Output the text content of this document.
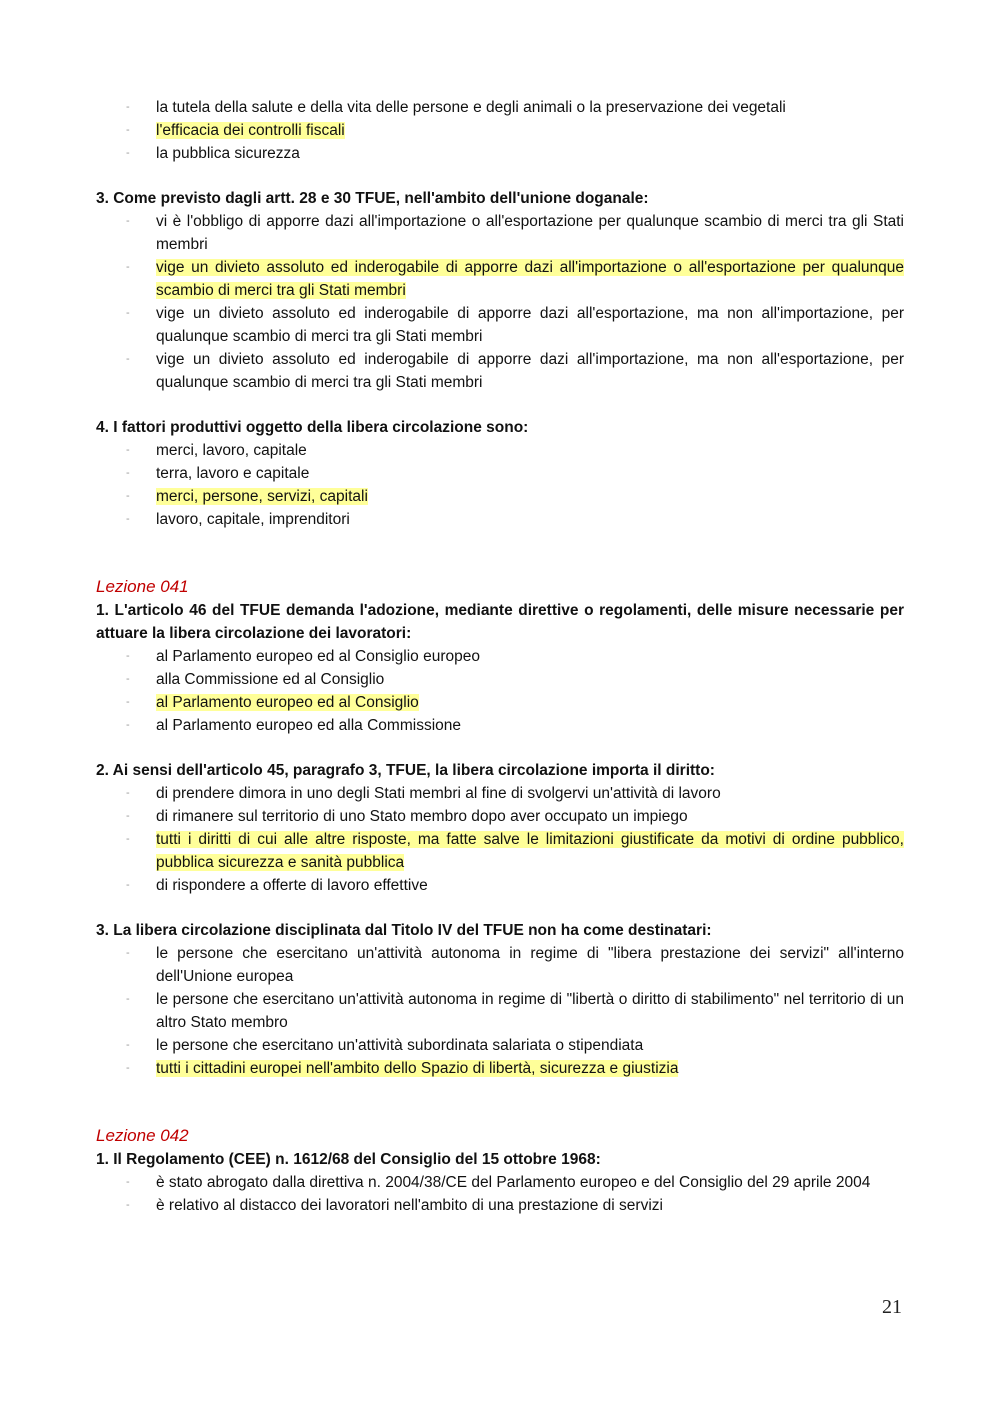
‐ la tutela della salute e della vita delle persone e degli animali o la preservazione dei vegetali
‐ l'efficacia dei controlli fiscali
‐ la pubblica sicurezza

3. Come previsto dagli artt. 28 e 30 TFUE, nell'ambito dell'unione doganale:

‐ vi è l'obbligo di apporre dazi all'importazione o all'esportazione per qualunque scambio di merci tra gli Stati membri
‐ vige un divieto assoluto ed inderogabile di apporre dazi all'importazione o all'esportazione per qualunque scambio di merci tra gli Stati membri
‐ vige un divieto assoluto ed inderogabile di apporre dazi all'esportazione, ma non all'importazione, per qualunque scambio di merci tra gli Stati membri
‐ vige un divieto assoluto ed inderogabile di apporre dazi all'importazione, ma non all'esportazione, per qualunque scambio di merci tra gli Stati membri

4. I fattori produttivi oggetto della libera circolazione sono:

‐ merci, lavoro, capitale
‐ terra, lavoro e capitale
‐ merci, persone, servizi, capitali
‐ lavoro, capitale, imprenditori

Lezione 041

1. L'articolo 46 del TFUE demanda l'adozione, mediante direttive o regolamenti, delle misure necessarie per attuare la libera circolazione dei lavoratori:

‐ al Parlamento europeo ed al Consiglio europeo
‐ alla Commissione ed al Consiglio
‐ al Parlamento europeo ed al Consiglio
‐ al Parlamento europeo ed alla Commissione

2. Ai sensi dell'articolo 45, paragrafo 3, TFUE, la libera circolazione importa il diritto:

‐ di prendere dimora in uno degli Stati membri al fine di svolgervi un'attività di lavoro
‐ di rimanere sul territorio di uno Stato membro dopo aver occupato un impiego
‐ tutti i diritti di cui alle altre risposte, ma fatte salve le limitazioni giustificate da motivi di ordine pubblico, pubblica sicurezza e sanità pubblica
‐ di rispondere a offerte di lavoro effettive

3. La libera circolazione disciplinata dal Titolo IV del TFUE non ha come destinatari:

‐ le persone che esercitano un'attività autonoma in regime di "libera prestazione dei servizi" all'interno dell'Unione europea
‐ le persone che esercitano un'attività autonoma in regime di "libertà o diritto di stabilimento" nel territorio di un altro Stato membro
‐ le persone che esercitano un'attività subordinata salariata o stipendiata
‐ tutti i cittadini europei nell'ambito dello Spazio di libertà, sicurezza e giustizia

Lezione 042

1. Il Regolamento (CEE) n. 1612/68 del Consiglio del 15 ottobre 1968:

‐ è stato abrogato dalla direttiva n. 2004/38/CE del Parlamento europeo e del Consiglio del 29 aprile 2004
‐ è relativo al distacco dei lavoratori nell'ambito di una prestazione di servizi
21
